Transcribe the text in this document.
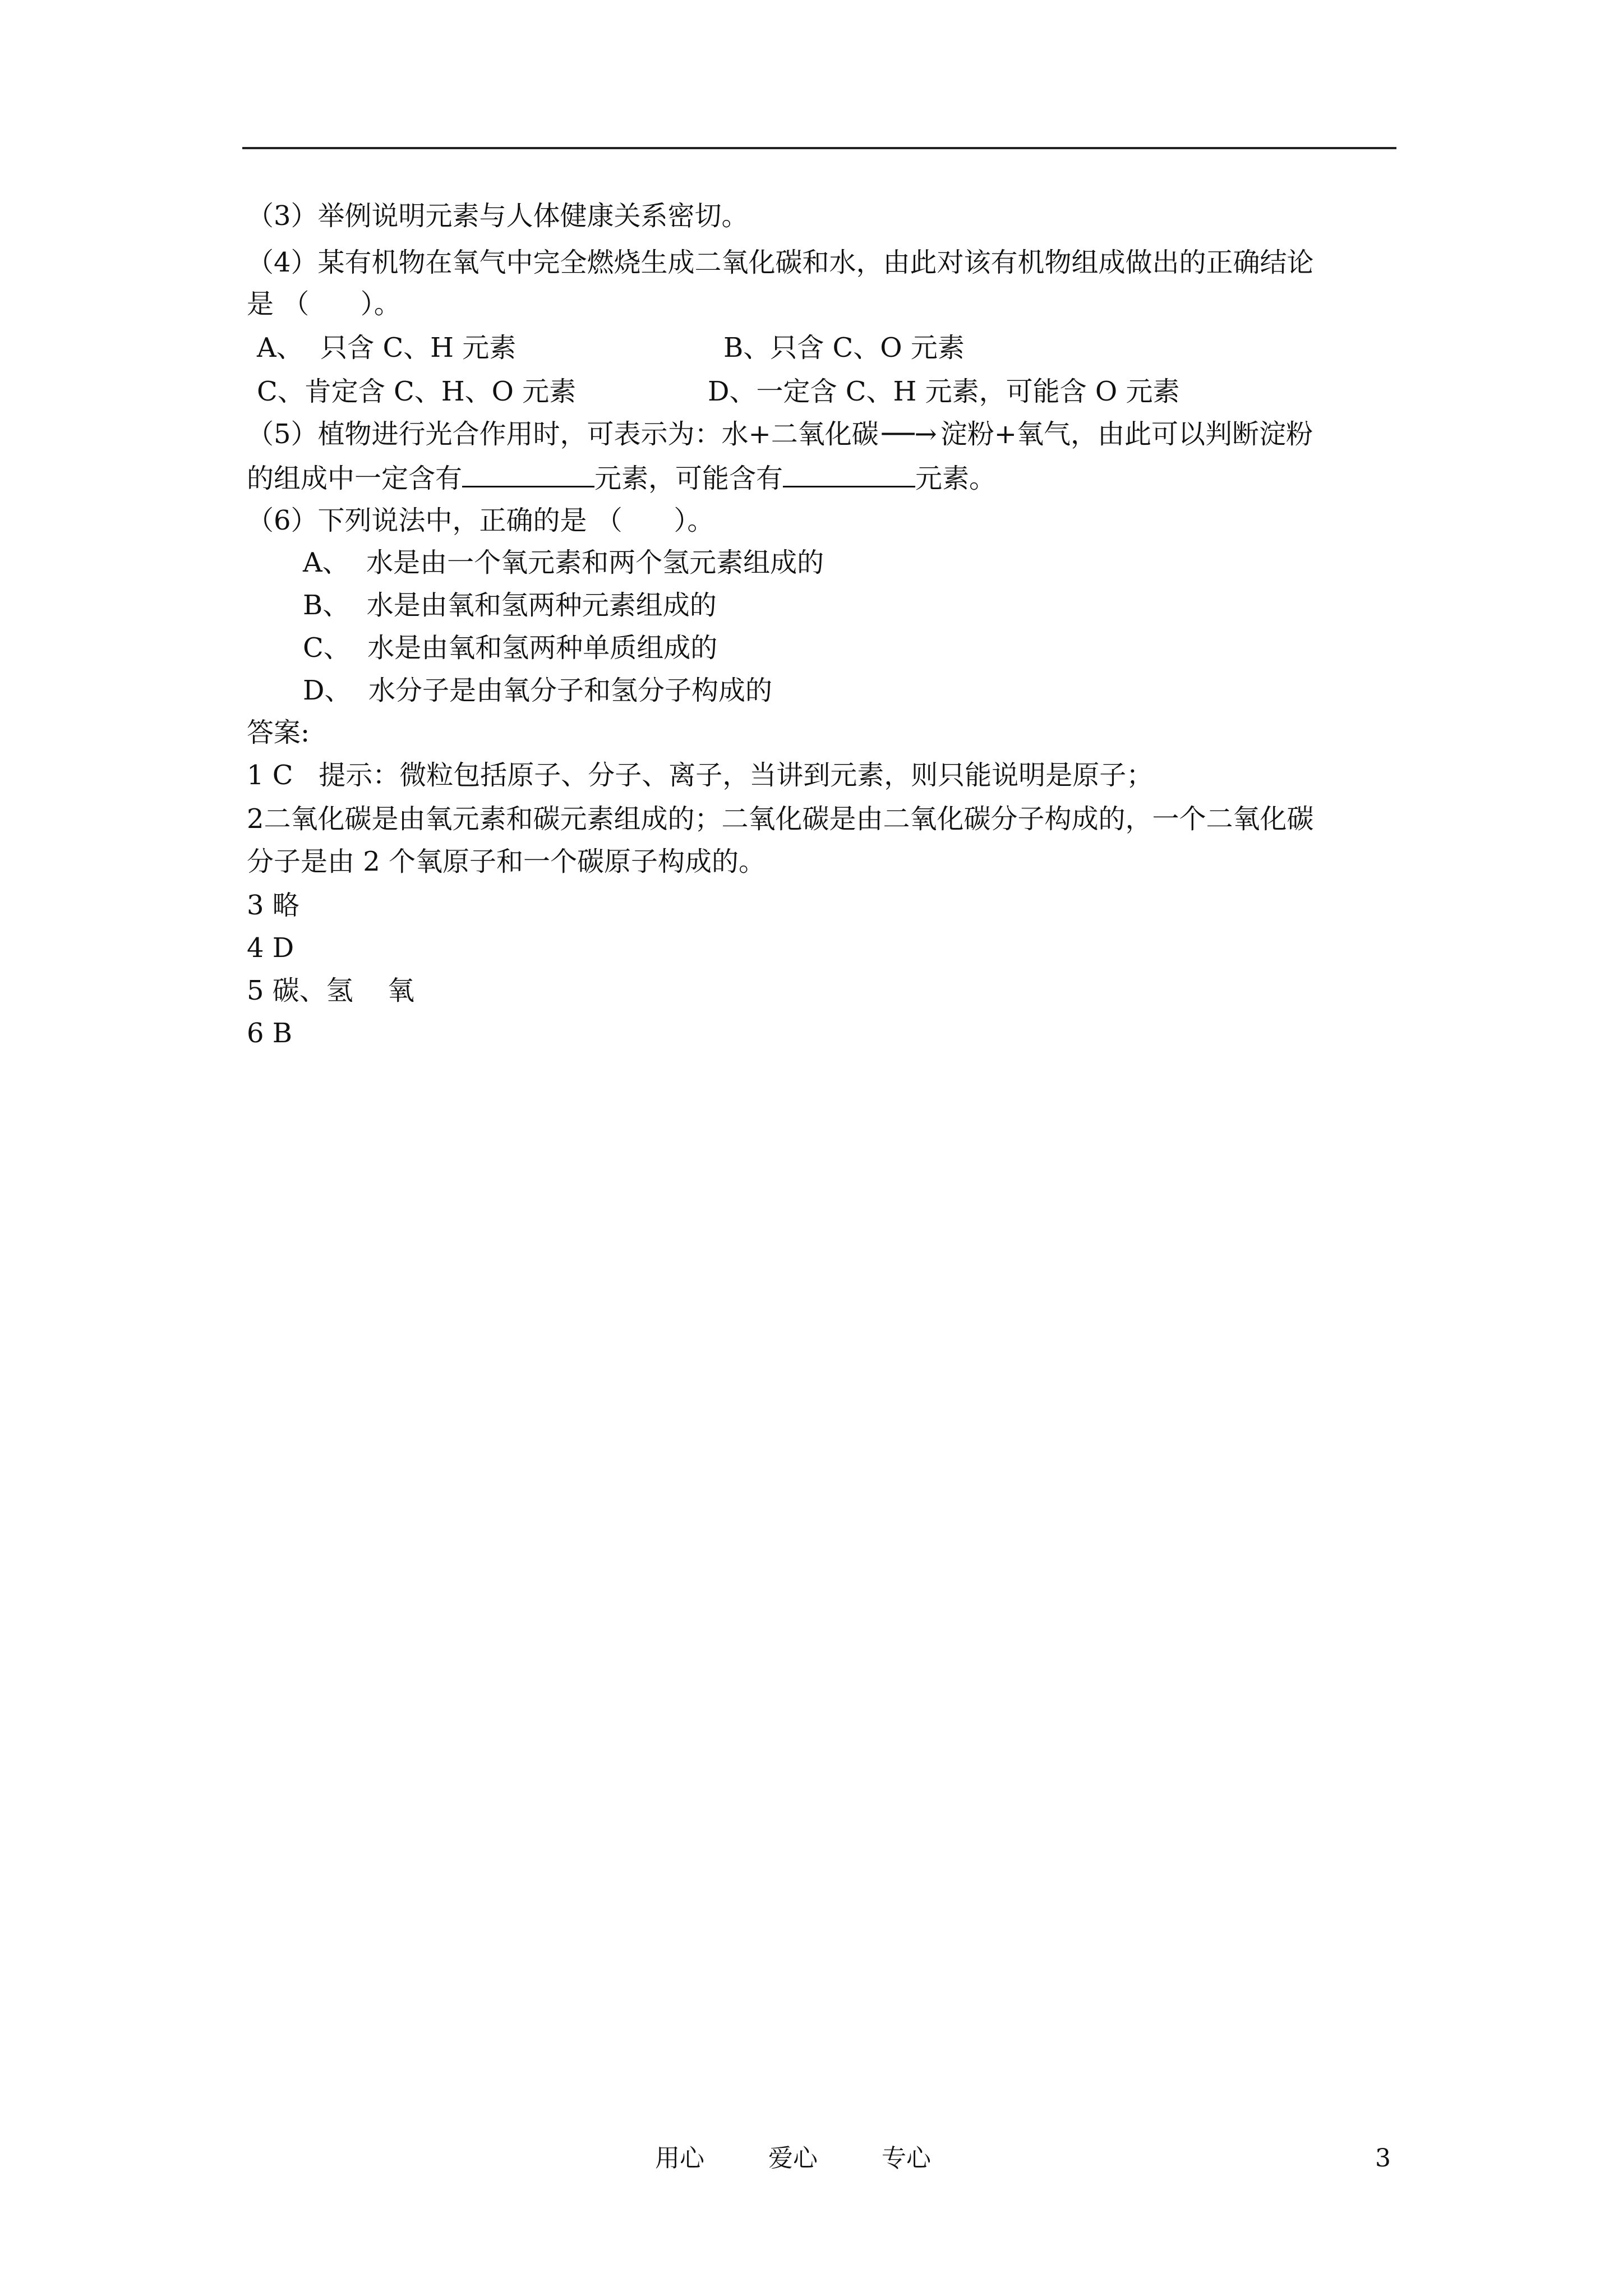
（3）举例说明元素与人体健康关系密切。
（4）某有机物在氧气中完全燃烧生成二氧化碳和水，由此对该有机物组成做出的正确结论
是 （      ）。
A、  只含 C、H 元素	B、只含 C、O 元素
C、肯定含 C、H、O 元素	D、一定含 C、H 元素，可能含 O 元素
（5）植物进行光合作用时，可表示为：水+二氧化碳 ──→ 淀粉+氧气，由此可以判断淀粉
的组成中一定含有	元素，可能含有	元素。
（6）下列说法中，正确的是 （      ）。
A、  水是由一个氧元素和两个氢元素组成的
B、  水是由氧和氢两种元素组成的
C、  水是由氧和氢两种单质组成的
D、  水分子是由氧分子和氢分子构成的
答案:
1 C   提示：微粒包括原子、分子、离子，当讲到元素，则只能说明是原子；
2二氧化碳是由氧元素和碳元素组成的；二氧化碳是由二氧化碳分子构成的，一个二氧化碳
分子是由 2 个氧原子和一个碳原子构成的。
3 略
4 D
5 碳、氢    氧
6 B
用心	爱心	专心	3
